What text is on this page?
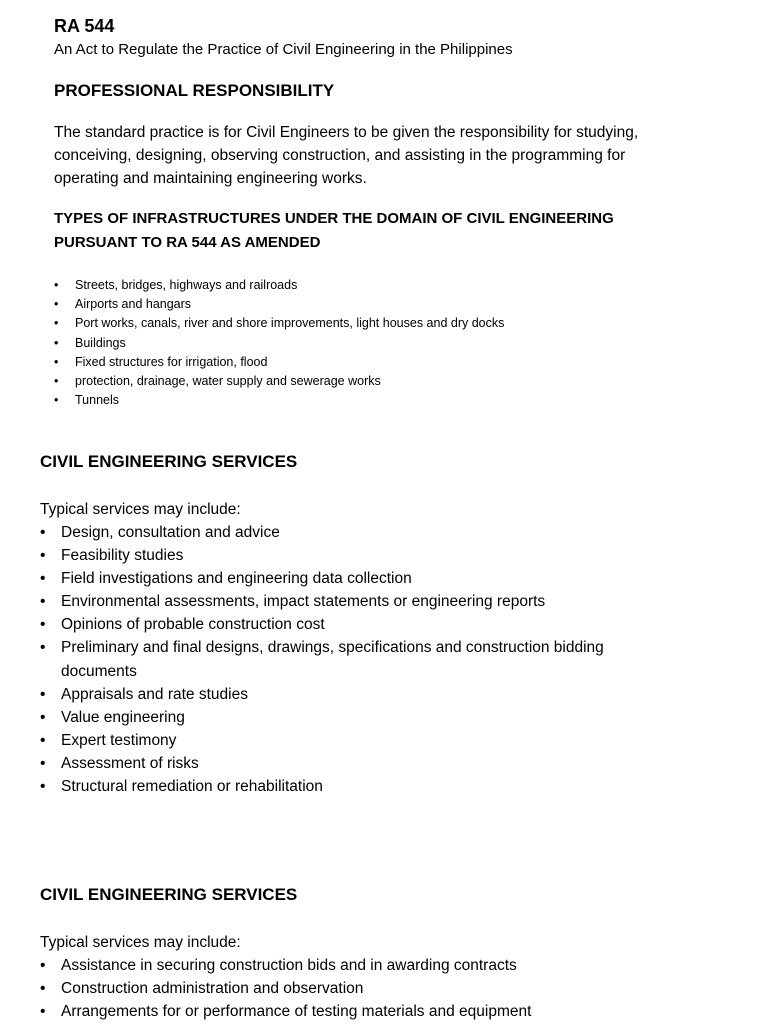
RA 544
An Act to Regulate the Practice of Civil Engineering in the Philippines
PROFESSIONAL RESPONSIBILITY
The standard practice is for Civil Engineers to be given the responsibility for studying, conceiving, designing, observing construction, and assisting in the programming for operating and maintaining engineering works.
TYPES OF INFRASTRUCTURES UNDER THE DOMAIN OF CIVIL ENGINEERING PURSUANT TO RA 544 AS AMENDED
• Streets, bridges, highways and railroads
• Airports and hangars
• Port works, canals, river and shore improvements, light houses and dry docks
• Buildings
• Fixed structures for irrigation, flood
• protection, drainage, water supply and sewerage works
• Tunnels
CIVIL ENGINEERING SERVICES
Typical services may include:
• Design, consultation and advice
• Feasibility studies
• Field investigations and engineering data collection
• Environmental assessments, impact statements or engineering reports
• Opinions of probable construction cost
• Preliminary and final designs, drawings, specifications and construction bidding documents
• Appraisals and rate studies
• Value engineering
• Expert testimony
• Assessment of risks
• Structural remediation or rehabilitation
CIVIL ENGINEERING SERVICES
Typical services may include:
• Assistance in securing construction bids and in awarding contracts
• Construction administration and observation
• Arrangements for or performance of testing materials and equipment
